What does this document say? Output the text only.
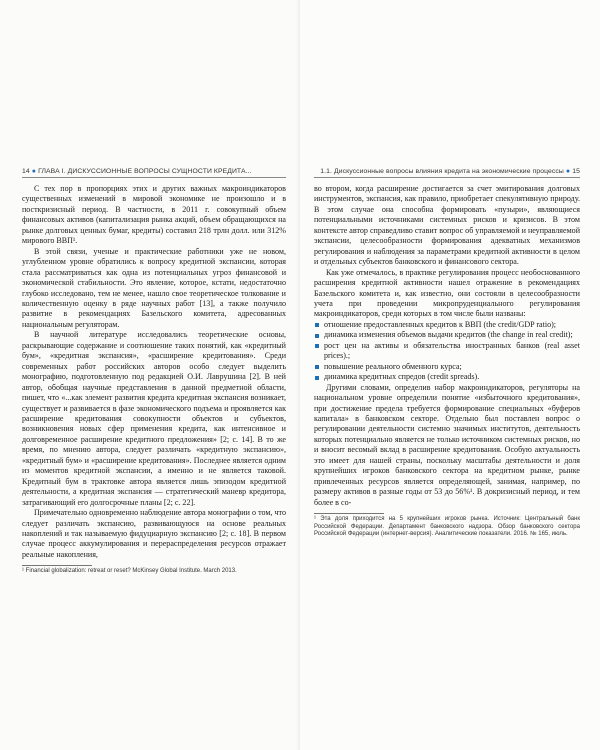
14 ● ГЛАВА I. ДИСКУССИОННЫЕ ВОПРОСЫ СУЩНОСТИ КРЕДИТА...

С тех пор в пропорциях этих и других важных макроиндикаторов существенных изменений в мировой экономике не произошло и в посткризисный период. В частности, в 2011 г. совокупный объем финансовых активов (капитализация рынка акций, объем обращающихся на рынке долговых ценных бумаг, кредиты) составил 218 трлн долл. или 312% мирового ВВП¹.

В этой связи, ученые и практические работники уже не новом, углубленном уровне обратились к вопросу кредитной экспансии, которая стала рассматриваться как одна из потенциальных угроз финансовой и экономической стабильности. Это явление, которое, кстати, недостаточно глубоко исследовано, тем не менее, нашло свое теоретическое толкование и количественную оценку в ряде научных работ [13], а также получило развитие в рекомендациях Базельского комитета, адресованных национальным регуляторам.

В научной литературе исследовались теоретические основы, раскрывающие содержание и соотношение таких понятий, как «кредитный бум», «кредитная экспансия», «расширение кредитования». Среди современных работ российских авторов особо следует выделить монографию, подготовленную под редакцией О.И. Лаврушина [2]. В ней автор, обобщая научные представления в данной предметной области, пишет, что «...как элемент развития кредита кредитная экспансия возникает, существует и развивается в фазе экономического подъема и проявляется как расширение кредитования совокупности объектов и субъектов, возникновения новых сфер применения кредита, как интенсивное и долговременное расширение кредитного предложения» [2; с. 14]. В то же время, по мнению автора, следует различать «кредитную экспансию», «кредитный бум» и «расширение кредитования». Последнее является одним из моментов кредитной экспансии, а именно и не является таковой. Кредитный бум в трактовке автора является лишь эпизодом кредитной деятельности, а кредитная экспансия — стратегический маневр кредитора, затрагивающий его долгосрочные планы [2; с. 22].

Примечательно одновременно наблюдение автора монографии о том, что следует различать экспансию, развивающуюся на основе реальных накоплений и так называемую фидуциарную экспансию [2; с. 18]. В первом случае процесс аккумулирования и перераспределения ресурсов отражает реальные накопления,

¹ Financial globalization: retreat or reset? McKinsey Global Institute. March 2013.
1.1. Дискуссионные вопросы влияния кредита на экономические процессы ● 15

во втором, когда расширение достигается за счет эмитирования долговых инструментов, экспансия, как правило, приобретает спекулятивную природу. В этом случае она способна формировать «пузыри», являющиеся потенциальными источниками системных рисков и кризисов. В этом контексте автор справедливо ставит вопрос об управляемой и неуправляемой экспансии, целесообразности формирования адекватных механизмов регулирования и наблюдения за параметрами кредитной активности в целом и отдельных субъектов банковского и финансового сектора.

Как уже отмечалось, в практике регулирования процесс необоснованного расширения кредитной активности нашел отражение в рекомендациях Базельского комитета и, как известно, они состояли в целесообразности учета при проведении микропруденциального регулирования макроиндикаторов, среди которых в том числе были названы:

отношение предоставленных кредитов к ВВП (the credit/GDP ratio);
динамика изменения объемов выдачи кредитов (the change in real credit);
рост цен на активы и обязательства иностранных банков (real asset prices).;
повышение реального обменного курса;
динамика кредитных спредов (credit spreads).

Другими словами, определив набор макроиндикаторов, регуляторы на национальном уровне определили понятие «избыточного кредитования», при достижение предела требуется формирование специальных «буферов капитала» в банковском секторе. Отдельно был поставлен вопрос о регулировании деятельности системно значимых институтов, деятельность которых потенциально является не только источником системных рисков, но и вносит весомый вклад в расширение кредитования. Особую актуальность это имеет для нашей страны, поскольку масштабы деятельности и доля крупнейших игроков банковского сектора на кредитном рынке, рынке привлеченных ресурсов является определяющей, занимая, например, по размеру активов в разные годы от 53 до 56%¹. В докризисный период, и тем более в со-

¹ Эта доля приходится на 5 крупнейших игроков рынка. Источник: Центральный банк Российской Федерации. Департамент банковского надзора. Обзор банковского сектора Российской Федерации (интернет-версия). Аналитические показатели. 2016. № 165, июль.
